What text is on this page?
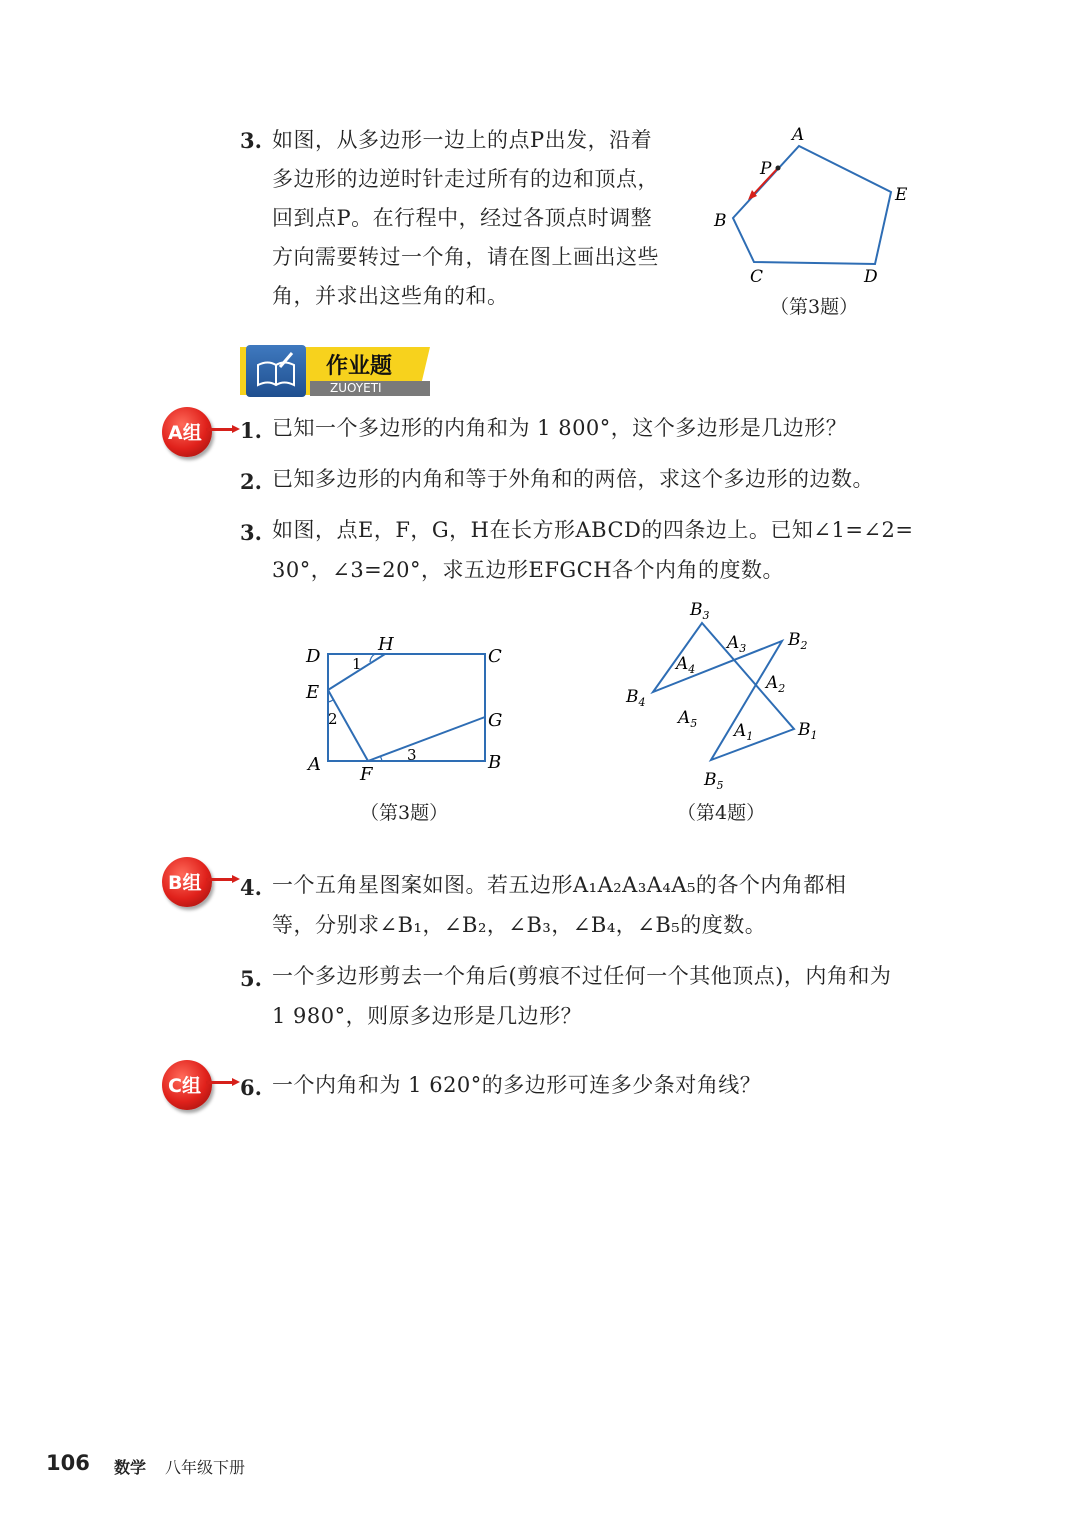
3. 如图，从多边形一边上的点P出发，沿着
多边形的边逆时针走过所有的边和顶点，
回到点P。在行程中，经过各顶点时调整
方向需要转过一个角，请在图上画出这些
角，并求出这些角的和。
A
P
B
C	D
E
（第3题）
作业题
ZUOYETI
A组 1. 已知一个多边形的内角和为 1 800°，这个多边形是几边形？
2. 已知多边形的内角和等于外角和的两倍，求这个多边形的边数。
3. 如图，点E，F，G，H在长方形ABCD的四条边上。已知∠1=∠2=
30°，∠3=20°，求五边形EFGCH各个内角的度数。
D
H
C
E
G
A F
B
1
2
3
（第3题）
$B_3$
$A_3$ $B_2$
$A_4$
$A_2$
$B_4$
$A_5$ $A_1$	$B_1$
$B_5$
（第4题）
B组 4. 一个五角星图案如图。若五边形A₁A₂A₃A₄A₅的各个内角都相
等，分别求∠B₁，∠B₂，∠B₃，∠B₄，∠B₅的度数。
5. 一个多边形剪去一个角后(剪痕不过任何一个其他顶点)，内角和为
1 980°，则原多边形是几边形？
C组 6. 一个内角和为 1 620°的多边形可连多少条对角线？
106 数学 八年级下册
